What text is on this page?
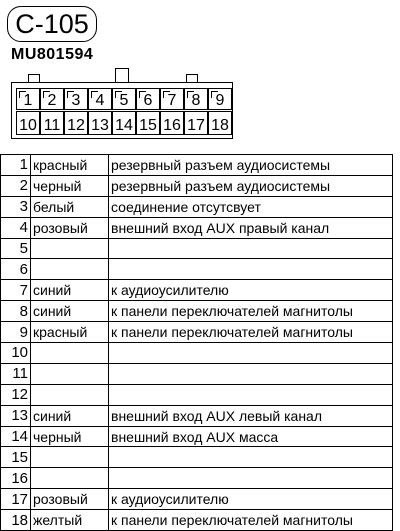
C-105
MU801594
1 2 3 4 5 6 7 8 9
10 11 12 13 14 15 16 17 18
1	красный	резервный разъем аудиосистемы
2	черный	резервный разъем аудиосистемы
3	белый	соединение отсутсвует
4	розовый	внешний вход AUX правый канал
5		
6		
7	синий	к аудиоусилителю
8	синий	к панели переключателей магнитолы
9	красный	к панели переключателей магнитолы
10		
11		
12		
13	синий	внешний вход AUX левый канал
14	черный	внешний вход AUX масса
15		
16		
17	розовый	к аудиоусилителю
18	желтый	к панели переключателей магнитолы
